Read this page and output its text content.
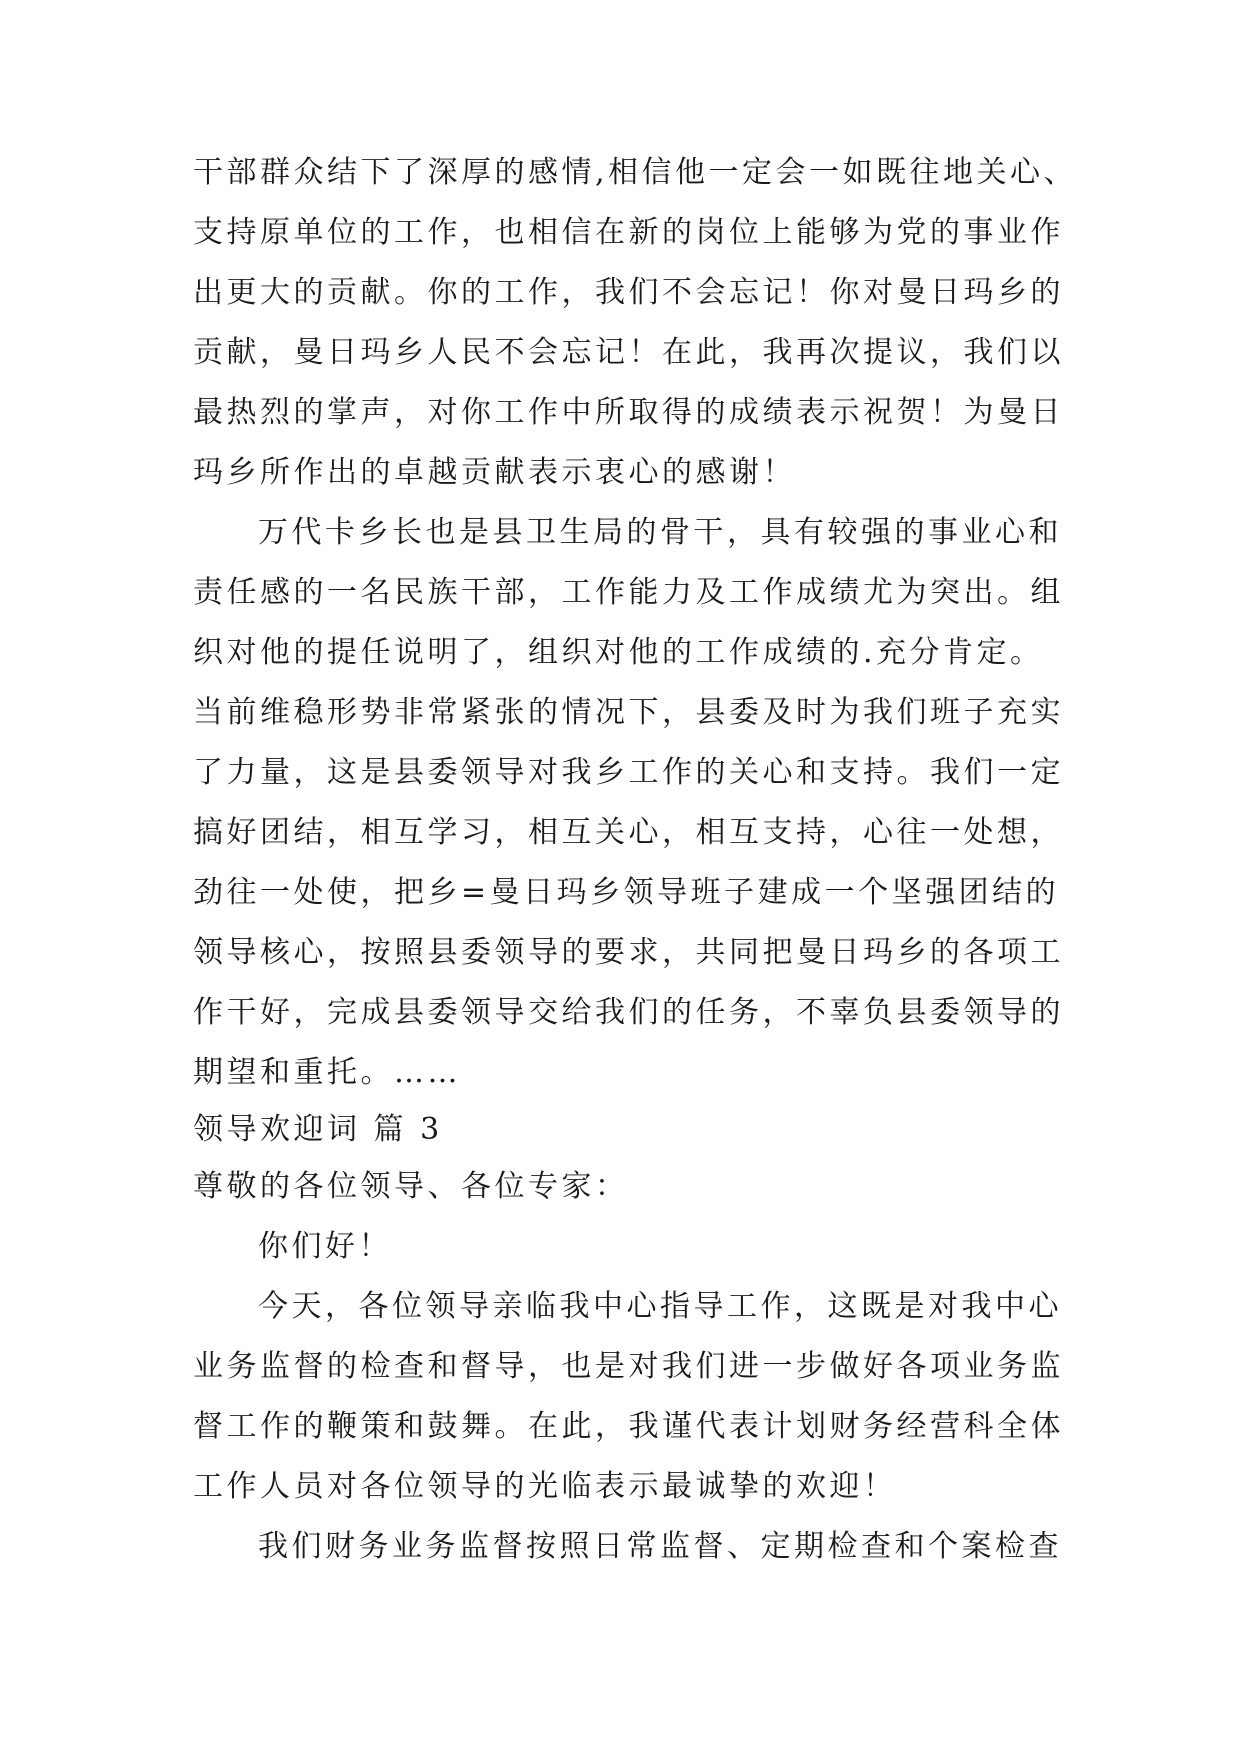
干部群众结下了深厚的感情,相信他一定会一如既往地关心、
支持原单位的工作，也相信在新的岗位上能够为党的事业作
出更大的贡献。你的工作，我们不会忘记！你对曼日玛乡的
贡献，曼日玛乡人民不会忘记！在此，我再次提议，我们以
最热烈的掌声，对你工作中所取得的成绩表示祝贺！为曼日
玛乡所作出的卓越贡献表示衷心的感谢！
万代卡乡长也是县卫生局的骨干，具有较强的事业心和
责任感的一名民族干部，工作能力及工作成绩尤为突出。组
织对他的提任说明了，组织对他的工作成绩的.充分肯定。
当前维稳形势非常紧张的情况下，县委及时为我们班子充实
了力量，这是县委领导对我乡工作的关心和支持。我们一定
搞好团结，相互学习，相互关心，相互支持，心往一处想，
劲往一处使，把乡=曼日玛乡领导班子建成一个坚强团结的
领导核心，按照县委领导的要求，共同把曼日玛乡的各项工
作干好，完成县委领导交给我们的任务，不辜负县委领导的
期望和重托。……
领导欢迎词 篇 3
尊敬的各位领导、各位专家：
你们好！
今天，各位领导亲临我中心指导工作，这既是对我中心
业务监督的检查和督导，也是对我们进一步做好各项业务监
督工作的鞭策和鼓舞。在此，我谨代表计划财务经营科全体
工作人员对各位领导的光临表示最诚挚的欢迎！
我们财务业务监督按照日常监督、定期检查和个案检查
